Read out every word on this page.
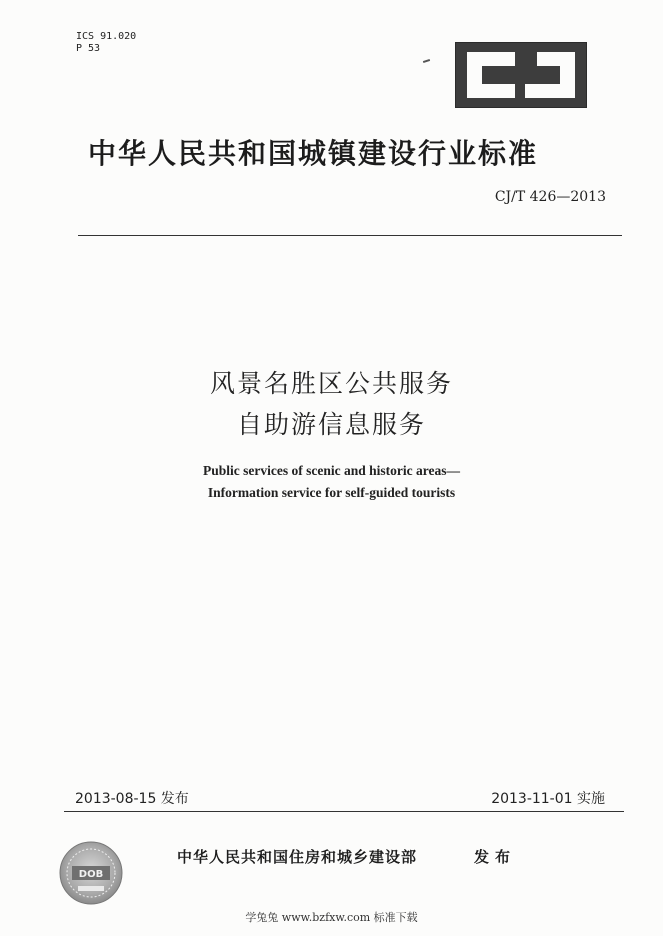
ICS 91.020
P 53
中华人民共和国城镇建设行业标准
CJ/T 426—2013
风景名胜区公共服务
自助游信息服务
Public services of scenic and historic areas—
Information service for self-guided tourists
2013-08-15 发布	2013-11-01 实施
DOB
中华人民共和国住房和城乡建设部	发布
学兔兔 www.bzfxw.com 标准下载
